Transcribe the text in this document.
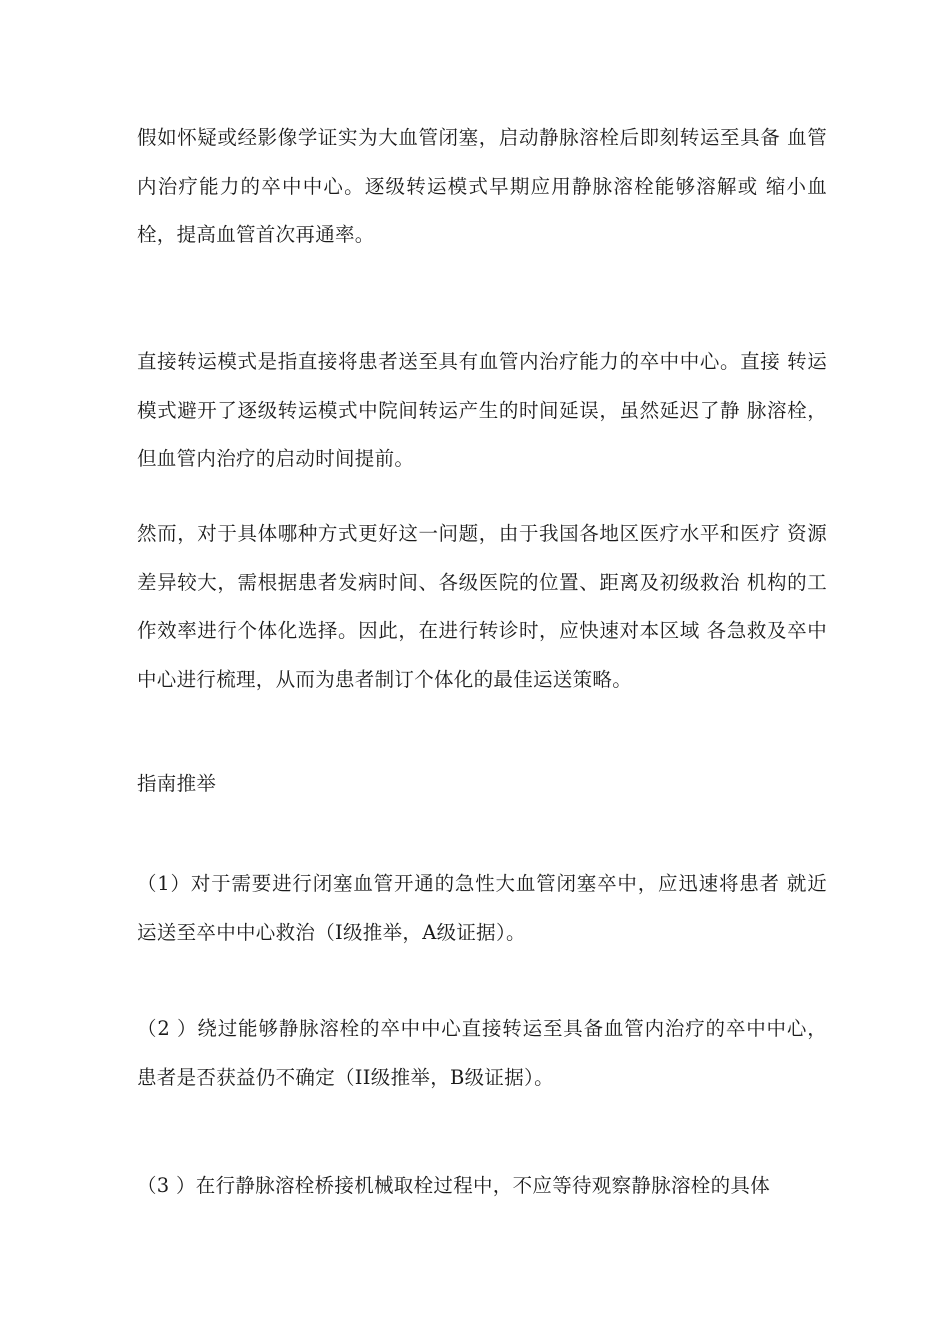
假如怀疑或经影像学证实为大血管闭塞，启动静脉溶栓后即刻转运至具备 血管内治疗能力的卒中中心。逐级转运模式早期应用静脉溶栓能够溶解或 缩小血栓，提高血管首次再通率。

直接转运模式是指直接将患者送至具有血管内治疗能力的卒中中心。直接 转运模式避开了逐级转运模式中院间转运产生的时间延误，虽然延迟了静 脉溶栓，但血管内治疗的启动时间提前。

然而，对于具体哪种方式更好这一问题，由于我国各地区医疗水平和医疗 资源差异较大，需根据患者发病时间、各级医院的位置、距离及初级救治 机构的工作效率进行个体化选择。因此，在进行转诊时，应快速对本区域 各急救及卒中中心进行梳理，从而为患者制订个体化的最佳运送策略。

指南推举

（1）对于需要进行闭塞血管开通的急性大血管闭塞卒中，应迅速将患者 就近运送至卒中中心救治（I级推举，A级证据）。

（2 ）绕过能够静脉溶栓的卒中中心直接转运至具备血管内治疗的卒中中心，患者是否获益仍不确定（II级推举，B级证据）。

（3 ）在行静脉溶栓桥接机械取栓过程中，不应等待观察静脉溶栓的具体
